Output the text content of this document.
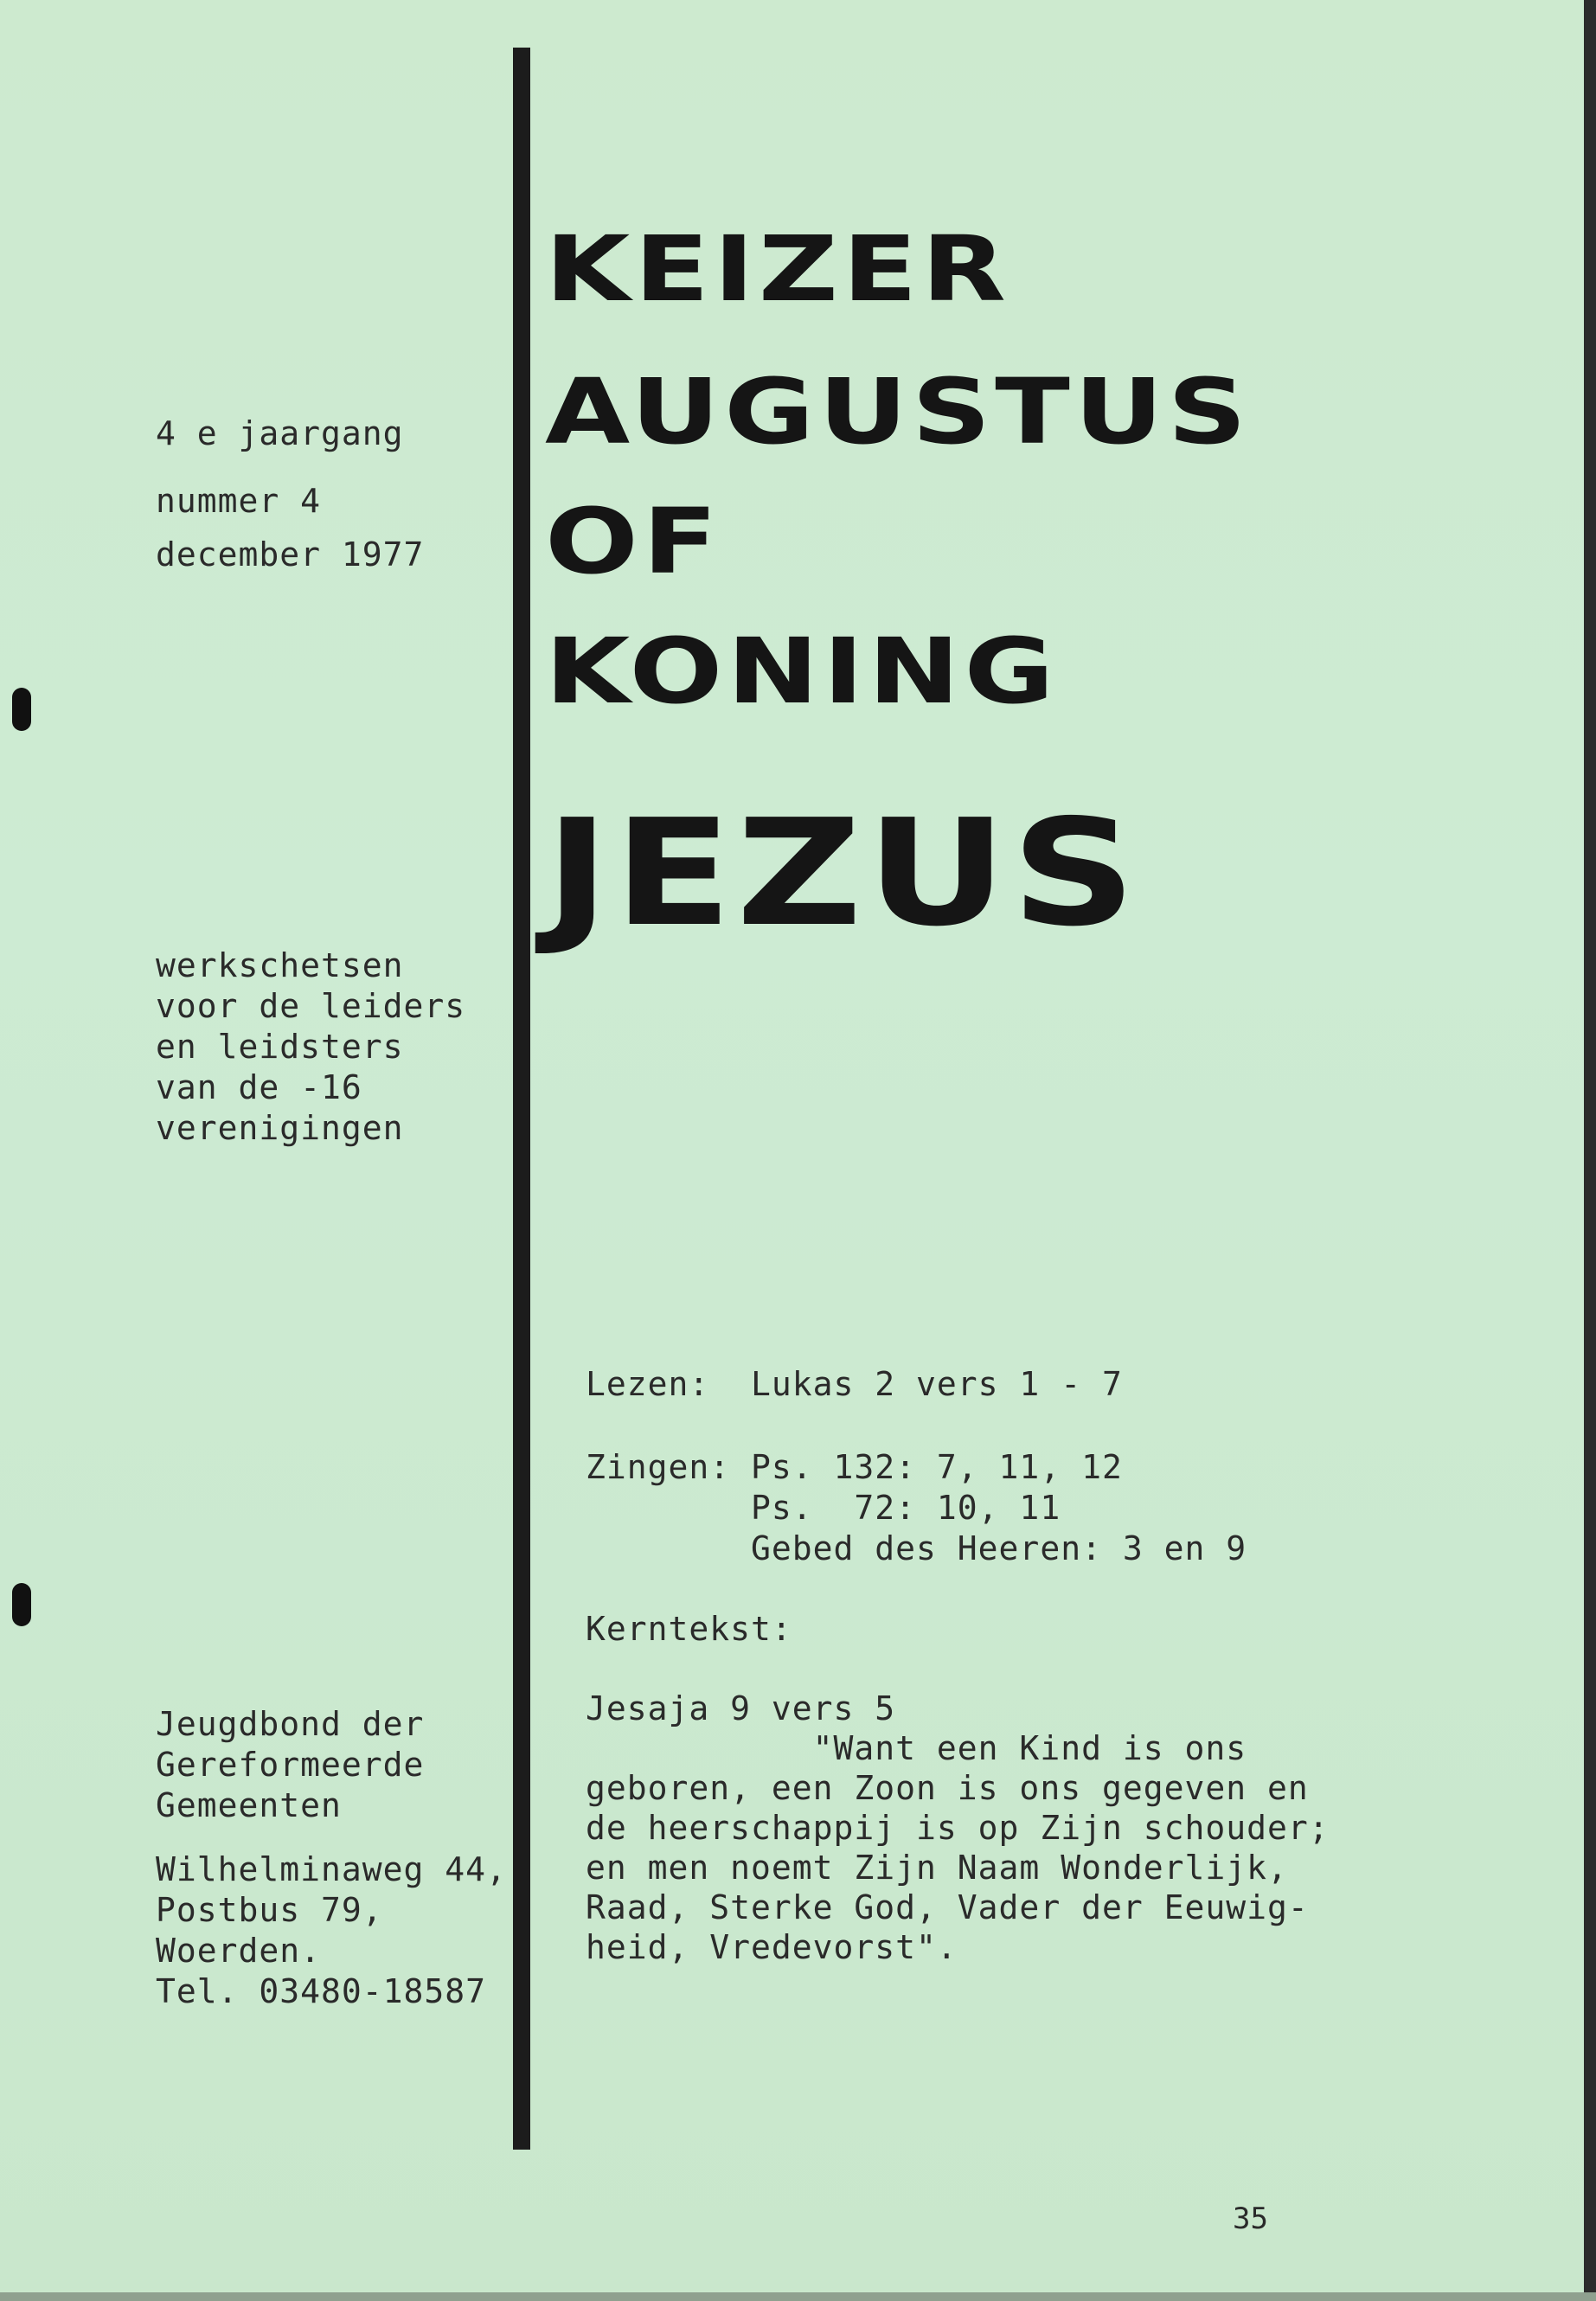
4 e jaargang
nummer 4
december 1977
werkschetsen
voor de leiders
en leidsters
van de -16
verenigingen
Jeugdbond der
Gereformeerde
Gemeenten
Wilhelminaweg 44,
Postbus 79,
Woerden.
Tel. 03480-18587
KEIZER
AUGUSTUS
OF
KONING
JEZUS
Lezen:  Lukas 2 vers 1 - 7
Zingen: Ps. 132: 7, 11, 12
Ps.  72: 10, 11
Gebed des Heeren: 3 en 9
Kerntekst:
Jesaja 9 vers 5
"Want een Kind is ons
geboren, een Zoon is ons gegeven en
de heerschappij is op Zijn schouder;
en men noemt Zijn Naam Wonderlijk,
Raad, Sterke God, Vader der Eeuwig-
heid, Vredevorst".
35
